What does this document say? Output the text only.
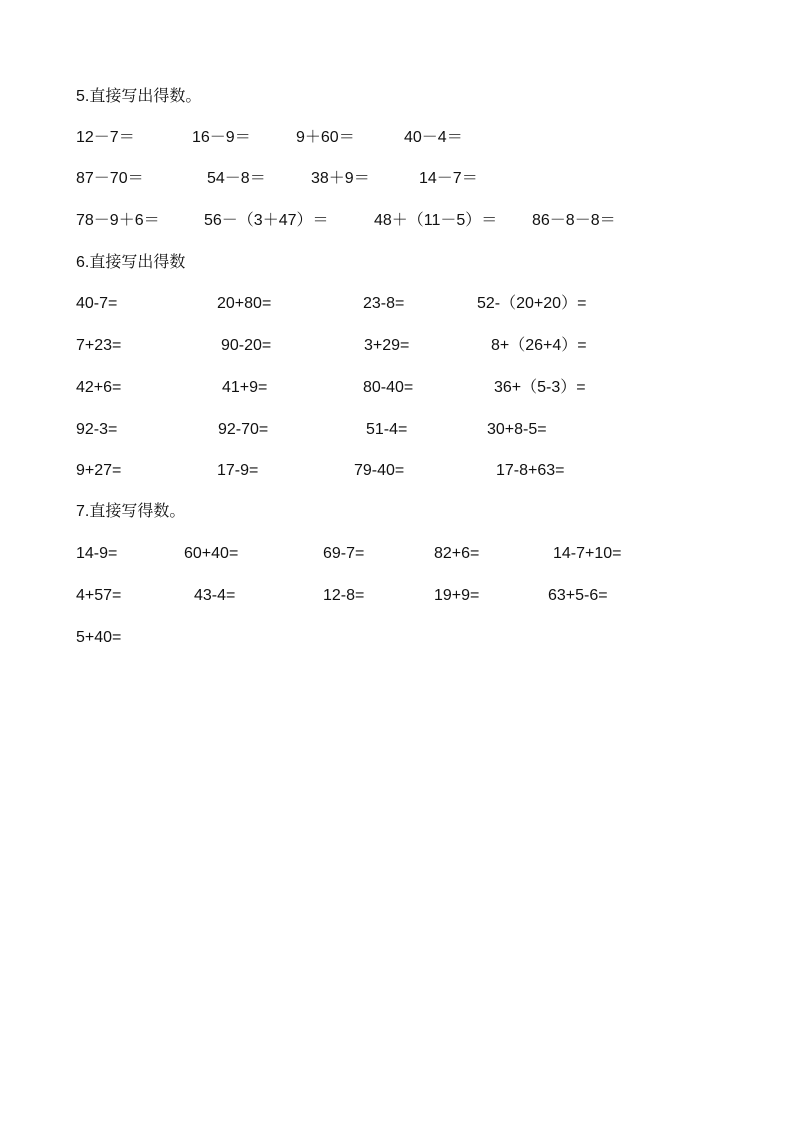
5.直接写出得数。
12－7＝	16－9＝	9＋60＝	40－4＝
87－70＝	54－8＝	38＋9＝	14－7＝
78－9＋6＝	56－（3＋47）＝	48＋（11－5）＝ 86－8－8＝
6.直接写出得数
40-7=	20+80=	23-8=	52-（20+20）=
7+23=	90-20=	3+29=	8+（26+4）=
42+6=	41+9=	80-40=	36+（5-3）=
92-3=	92-70=	51-4=	30+8-5=
9+27=	17-9=	79-40=	17-8+63=
7.直接写得数。
14-9=	60+40=	69-7=	82+6=	14-7+10=
4+57=	43-4=	12-8=	19+9=	63+5-6=
5+40=
